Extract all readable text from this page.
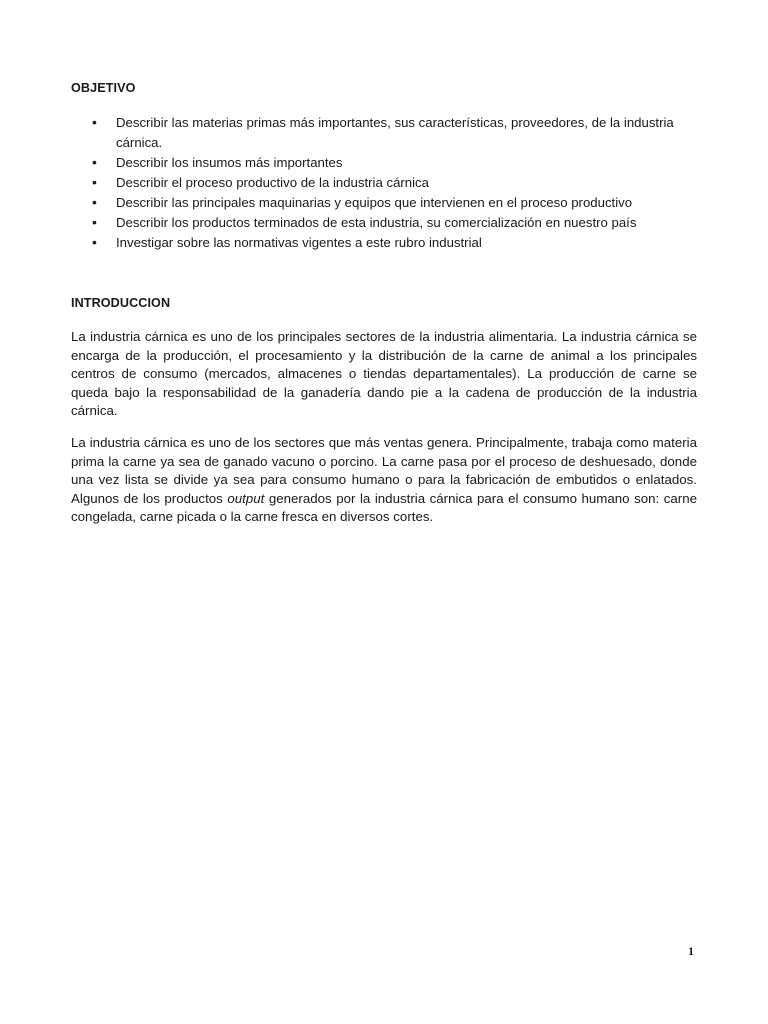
OBJETIVO
• Describir las materias primas más importantes, sus características, proveedores, de la industria cárnica.
• Describir los insumos más importantes
• Describir el proceso productivo de la industria cárnica
• Describir las principales maquinarias y equipos que intervienen en el proceso productivo
• Describir los productos terminados de esta industria, su comercialización en nuestro país
• Investigar sobre las normativas vigentes a este rubro industrial
INTRODUCCION

La industria cárnica es uno de los principales sectores de la industria alimentaria. La industria cárnica se encarga de la producción, el procesamiento y la distribución de la carne de animal a los principales centros de consumo (mercados, almacenes o tiendas departamentales). La producción de carne se queda bajo la responsabilidad de la ganadería dando pie a la cadena de producción de la industria cárnica.

La industria cárnica es uno de los sectores que más ventas genera. Principalmente, trabaja como materia prima la carne ya sea de ganado vacuno o porcino. La carne pasa por el proceso de deshuesado, donde una vez lista se divide ya sea para consumo humano o para la fabricación de embutidos o enlatados. Algunos de los productos output generados por la industria cárnica para el consumo humano son: carne congelada, carne picada o la carne fresca en diversos cortes.

1
